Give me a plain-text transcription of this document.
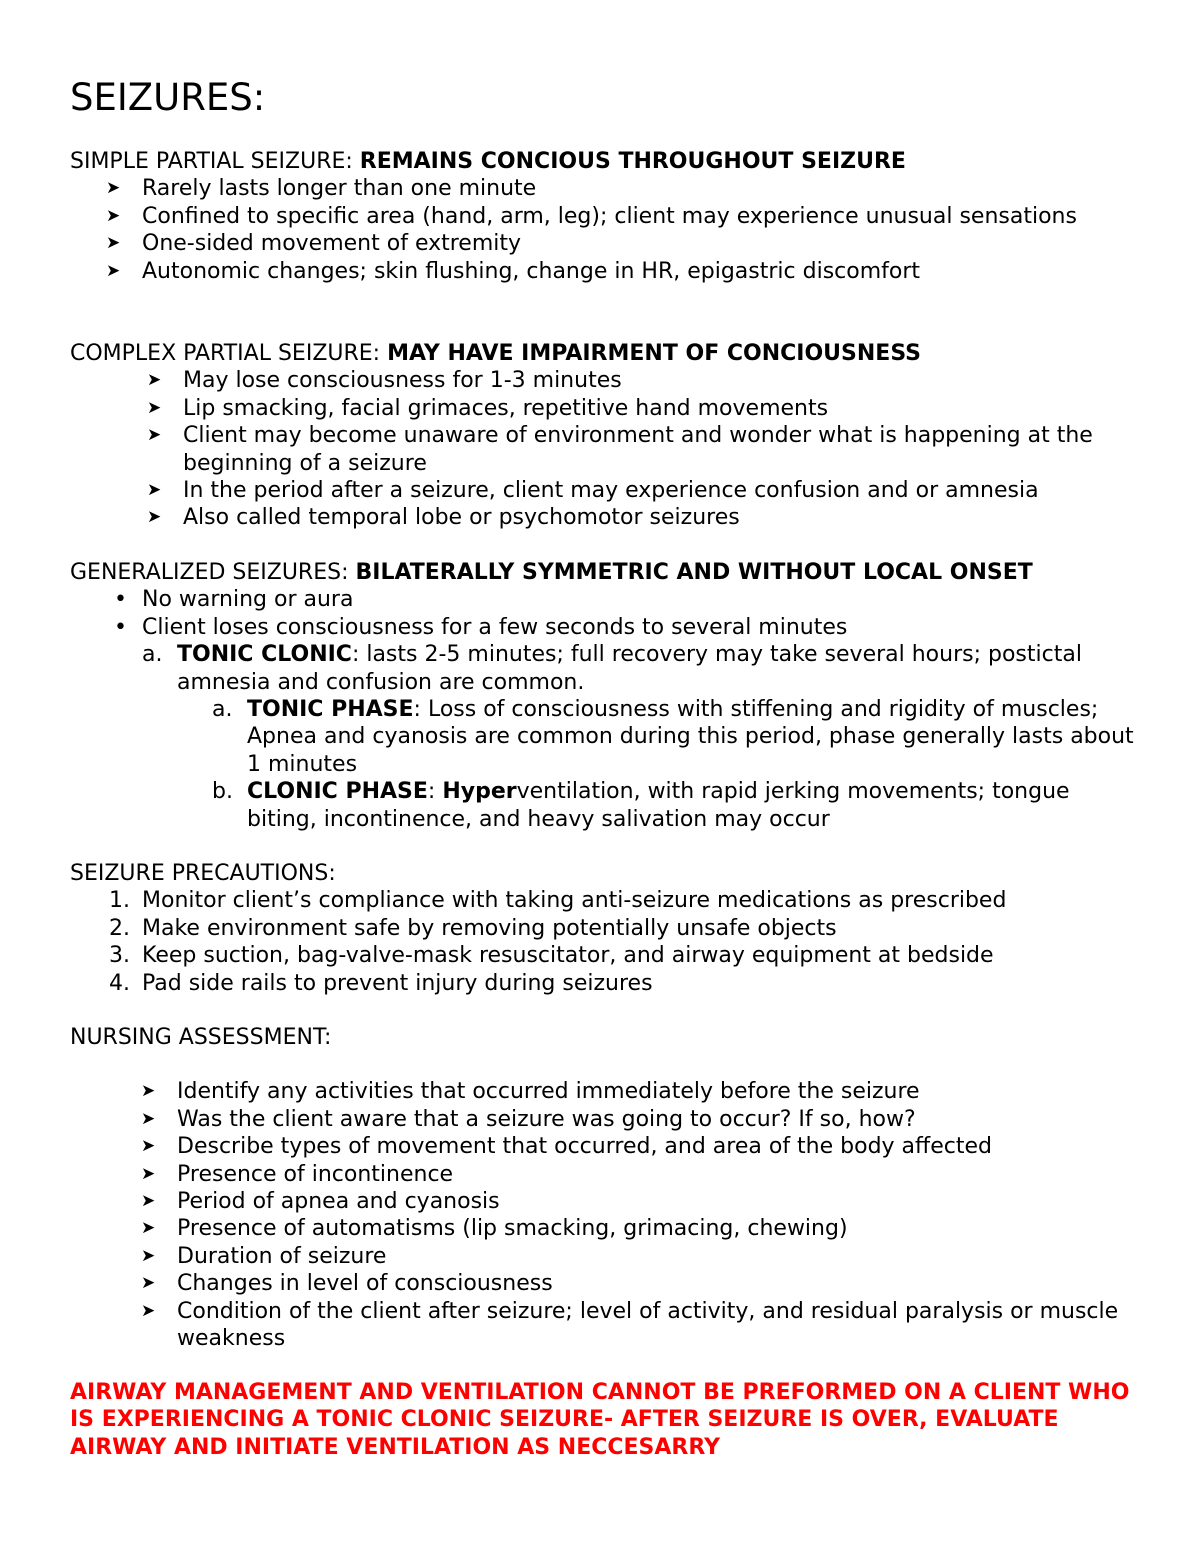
SEIZURES:

SIMPLE PARTIAL SEIZURE: REMAINS CONCIOUS THROUGHOUT SEIZURE

➤ Rarely lasts longer than one minute
➤ Confined to specific area (hand, arm, leg); client may experience unusual sensations
➤ One-sided movement of extremity
➤ Autonomic changes; skin flushing, change in HR, epigastric discomfort

COMPLEX PARTIAL SEIZURE: MAY HAVE IMPAIRMENT OF CONCIOUSNESS

➤ May lose consciousness for 1-3 minutes
➤ Lip smacking, facial grimaces, repetitive hand movements
➤ Client may become unaware of environment and wonder what is happening at the beginning of a seizure
➤ In the period after a seizure, client may experience confusion and or amnesia
➤ Also called temporal lobe or psychomotor seizures

GENERALIZED SEIZURES: BILATERALLY SYMMETRIC AND WITHOUT LOCAL ONSET

• No warning or aura
• Client loses consciousness for a few seconds to several minutes
a. TONIC CLONIC: lasts 2-5 minutes; full recovery may take several hours; postictal amnesia and confusion are common.
a. TONIC PHASE: Loss of consciousness with stiffening and rigidity of muscles; Apnea and cyanosis are common during this period, phase generally lasts about 1 minutes
b. CLONIC PHASE: Hyperventilation, with rapid jerking movements; tongue biting, incontinence, and heavy salivation may occur

SEIZURE PRECAUTIONS:

1. Monitor client’s compliance with taking anti-seizure medications as prescribed
2. Make environment safe by removing potentially unsafe objects
3. Keep suction, bag-valve-mask resuscitator, and airway equipment at bedside
4. Pad side rails to prevent injury during seizures

NURSING ASSESSMENT:

➤ Identify any activities that occurred immediately before the seizure
➤ Was the client aware that a seizure was going to occur? If so, how?
➤ Describe types of movement that occurred, and area of the body affected
➤ Presence of incontinence
➤ Period of apnea and cyanosis
➤ Presence of automatisms (lip smacking, grimacing, chewing)
➤ Duration of seizure
➤ Changes in level of consciousness
➤ Condition of the client after seizure; level of activity, and residual paralysis or muscle weakness

AIRWAY MANAGEMENT AND VENTILATION CANNOT BE PREFORMED ON A CLIENT WHO IS EXPERIENCING A TONIC CLONIC SEIZURE- AFTER SEIZURE IS OVER, EVALUATE AIRWAY AND INITIATE VENTILATION AS NECCESARRY
